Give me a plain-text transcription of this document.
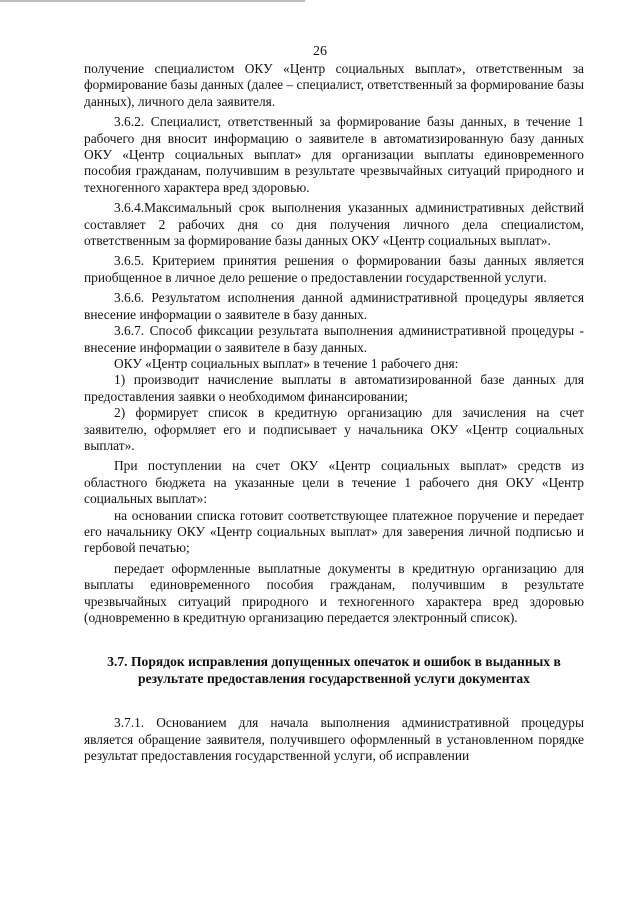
26

получение специалистом ОКУ «Центр социальных выплат», ответственным за формирование базы данных (далее – специалист, ответственный за формирование базы данных), личного дела заявителя.

3.6.2. Специалист, ответственный за формирование базы данных, в течение 1 рабочего дня вносит информацию о заявителе в автоматизированную базу данных ОКУ «Центр социальных выплат» для организации выплаты единовременного пособия гражданам, получившим в результате чрезвычайных ситуаций природного и техногенного характера вред здоровью.

3.6.4.Максимальный срок выполнения указанных административных действий составляет 2 рабочих дня со дня получения личного дела специалистом, ответственным за формирование базы данных ОКУ «Центр социальных выплат».

3.6.5. Критерием принятия решения о формировании базы данных является приобщенное в личное дело решение о предоставлении государственной услуги.

3.6.6. Результатом исполнения данной административной процедуры является внесение информации о заявителе в базу данных.

3.6.7. Способ фиксации результата выполнения административной процедуры - внесение информации о заявителе в базу данных.

ОКУ «Центр социальных выплат» в течение 1 рабочего дня:

1) производит начисление выплаты в автоматизированной базе данных для предоставления заявки о необходимом финансировании;

2) формирует список в кредитную организацию для зачисления на счет заявителю, оформляет его и подписывает у начальника ОКУ «Центр социальных выплат».

При поступлении на счет ОКУ «Центр социальных выплат» средств из областного бюджета на указанные цели в течение 1 рабочего дня ОКУ «Центр социальных выплат»:

на основании списка готовит соответствующее платежное поручение и передает его начальнику ОКУ «Центр социальных выплат» для заверения личной подписью и гербовой печатью;

передает оформленные выплатные документы в кредитную организацию для выплаты единовременного пособия гражданам, получившим в результате чрезвычайных ситуаций природного и техногенного характера вред здоровью (одновременно в кредитную организацию передается электронный список).

3.7. Порядок исправления допущенных опечаток и ошибок в выданных в результате предоставления государственной услуги документах

3.7.1. Основанием для начала выполнения административной процедуры является обращение заявителя, получившего оформленный в установленном порядке результат предоставления государственной услуги, об исправлении
